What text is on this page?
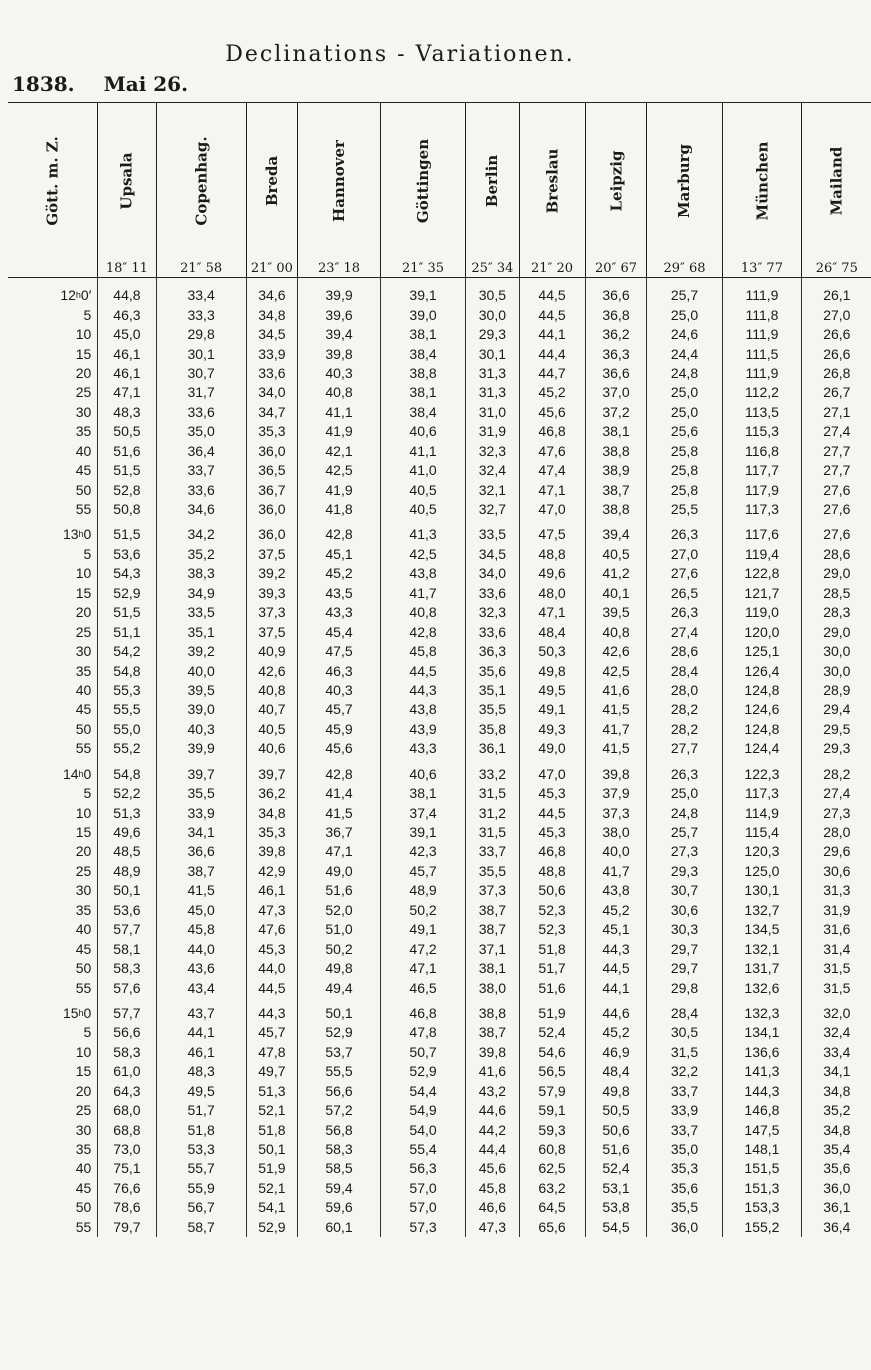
Declinations - Variationen.
1838. Mai 26.
Gött. m. Z.	Upsala	Copenhag.	Breda	Hannover	Göttingen	Berlin	Breslau	Leipzig	Marburg	München	Mailand
	18″ 11	21″ 58	21″ 00	23″ 18	21″ 35	25″ 34	21″ 20	20″ 67	29″ 68	13″ 77	26″ 75
12$^h$0′	44,8	33,4	34,6	39,9	39,1	30,5	44,5	36,6	25,7	111,9	26,1
5	46,3	33,3	34,8	39,6	39,0	30,0	44,5	36,8	25,0	111,8	27,0
10	45,0	29,8	34,5	39,4	38,1	29,3	44,1	36,2	24,6	111,9	26,6
15	46,1	30,1	33,9	39,8	38,4	30,1	44,4	36,3	24,4	111,5	26,6
20	46,1	30,7	33,6	40,3	38,8	31,3	44,7	36,6	24,8	111,9	26,8
25	47,1	31,7	34,0	40,8	38,1	31,3	45,2	37,0	25,0	112,2	26,7
30	48,3	33,6	34,7	41,1	38,4	31,0	45,6	37,2	25,0	113,5	27,1
35	50,5	35,0	35,3	41,9	40,6	31,9	46,8	38,1	25,6	115,3	27,4
40	51,6	36,4	36,0	42,1	41,1	32,3	47,6	38,8	25,8	116,8	27,7
45	51,5	33,7	36,5	42,5	41,0	32,4	47,4	38,9	25,8	117,7	27,7
50	52,8	33,6	36,7	41,9	40,5	32,1	47,1	38,7	25,8	117,9	27,6
55	50,8	34,6	36,0	41,8	40,5	32,7	47,0	38,8	25,5	117,3	27,6

13$^h$0	51,5	34,2	36,0	42,8	41,3	33,5	47,5	39,4	26,3	117,6	27,6
5	53,6	35,2	37,5	45,1	42,5	34,5	48,8	40,5	27,0	119,4	28,6
10	54,3	38,3	39,2	45,2	43,8	34,0	49,6	41,2	27,6	122,8	29,0
15	52,9	34,9	39,3	43,5	41,7	33,6	48,0	40,1	26,5	121,7	28,5
20	51,5	33,5	37,3	43,3	40,8	32,3	47,1	39,5	26,3	119,0	28,3
25	51,1	35,1	37,5	45,4	42,8	33,6	48,4	40,8	27,4	120,0	29,0
30	54,2	39,2	40,9	47,5	45,8	36,3	50,3	42,6	28,6	125,1	30,0
35	54,8	40,0	42,6	46,3	44,5	35,6	49,8	42,5	28,4	126,4	30,0
40	55,3	39,5	40,8	40,3	44,3	35,1	49,5	41,6	28,0	124,8	28,9
45	55,5	39,0	40,7	45,7	43,8	35,5	49,1	41,5	28,2	124,6	29,4
50	55,0	40,3	40,5	45,9	43,9	35,8	49,3	41,7	28,2	124,8	29,5
55	55,2	39,9	40,6	45,6	43,3	36,1	49,0	41,5	27,7	124,4	29,3

14$^h$0	54,8	39,7	39,7	42,8	40,6	33,2	47,0	39,8	26,3	122,3	28,2
5	52,2	35,5	36,2	41,4	38,1	31,5	45,3	37,9	25,0	117,3	27,4
10	51,3	33,9	34,8	41,5	37,4	31,2	44,5	37,3	24,8	114,9	27,3
15	49,6	34,1	35,3	36,7	39,1	31,5	45,3	38,0	25,7	115,4	28,0
20	48,5	36,6	39,8	47,1	42,3	33,7	46,8	40,0	27,3	120,3	29,6
25	48,9	38,7	42,9	49,0	45,7	35,5	48,8	41,7	29,3	125,0	30,6
30	50,1	41,5	46,1	51,6	48,9	37,3	50,6	43,8	30,7	130,1	31,3
35	53,6	45,0	47,3	52,0	50,2	38,7	52,3	45,2	30,6	132,7	31,9
40	57,7	45,8	47,6	51,0	49,1	38,7	52,3	45,1	30,3	134,5	31,6
45	58,1	44,0	45,3	50,2	47,2	37,1	51,8	44,3	29,7	132,1	31,4
50	58,3	43,6	44,0	49,8	47,1	38,1	51,7	44,5	29,7	131,7	31,5
55	57,6	43,4	44,5	49,4	46,5	38,0	51,6	44,1	29,8	132,6	31,5

15$^h$0	57,7	43,7	44,3	50,1	46,8	38,8	51,9	44,6	28,4	132,3	32,0
5	56,6	44,1	45,7	52,9	47,8	38,7	52,4	45,2	30,5	134,1	32,4
10	58,3	46,1	47,8	53,7	50,7	39,8	54,6	46,9	31,5	136,6	33,4
15	61,0	48,3	49,7	55,5	52,9	41,6	56,5	48,4	32,2	141,3	34,1
20	64,3	49,5	51,3	56,6	54,4	43,2	57,9	49,8	33,7	144,3	34,8
25	68,0	51,7	52,1	57,2	54,9	44,6	59,1	50,5	33,9	146,8	35,2
30	68,8	51,8	51,8	56,8	54,0	44,2	59,3	50,6	33,7	147,5	34,8
35	73,0	53,3	50,1	58,3	55,4	44,4	60,8	51,6	35,0	148,1	35,4
40	75,1	55,7	51,9	58,5	56,3	45,6	62,5	52,4	35,3	151,5	35,6
45	76,6	55,9	52,1	59,4	57,0	45,8	63,2	53,1	35,6	151,3	36,0
50	78,6	56,7	54,1	59,6	57,0	46,6	64,5	53,8	35,5	153,3	36,1
55	79,7	58,7	52,9	60,1	57,3	47,3	65,6	54,5	36,0	155,2	36,4
